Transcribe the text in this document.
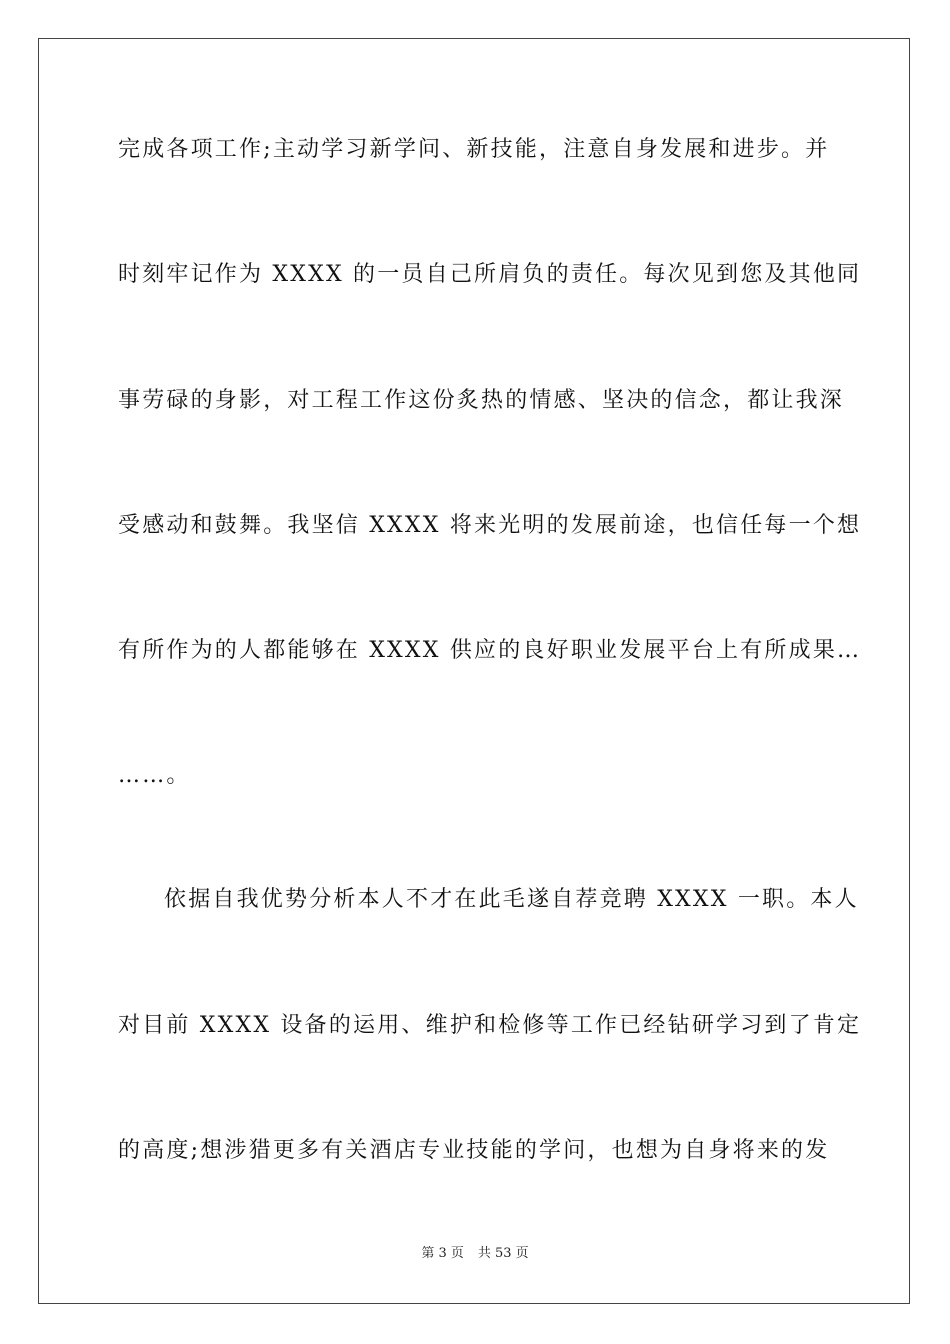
完成各项工作;主动学习新学问、新技能，注意自身发展和进步。并
时刻牢记作为 XXXX 的一员自己所肩负的责任。每次见到您及其他同
事劳碌的身影，对工程工作这份炙热的情感、坚决的信念，都让我深
受感动和鼓舞。我坚信 XXXX 将来光明的发展前途，也信任每一个想
有所作为的人都能够在 XXXX 供应的良好职业发展平台上有所成果…
……。
依据自我优势分析本人不才在此毛遂自荐竞聘 XXXX 一职。本人
对目前 XXXX 设备的运用、维护和检修等工作已经钻研学习到了肯定
的高度;想涉猎更多有关酒店专业技能的学问，也想为自身将来的发
第 3 页 共 53 页
